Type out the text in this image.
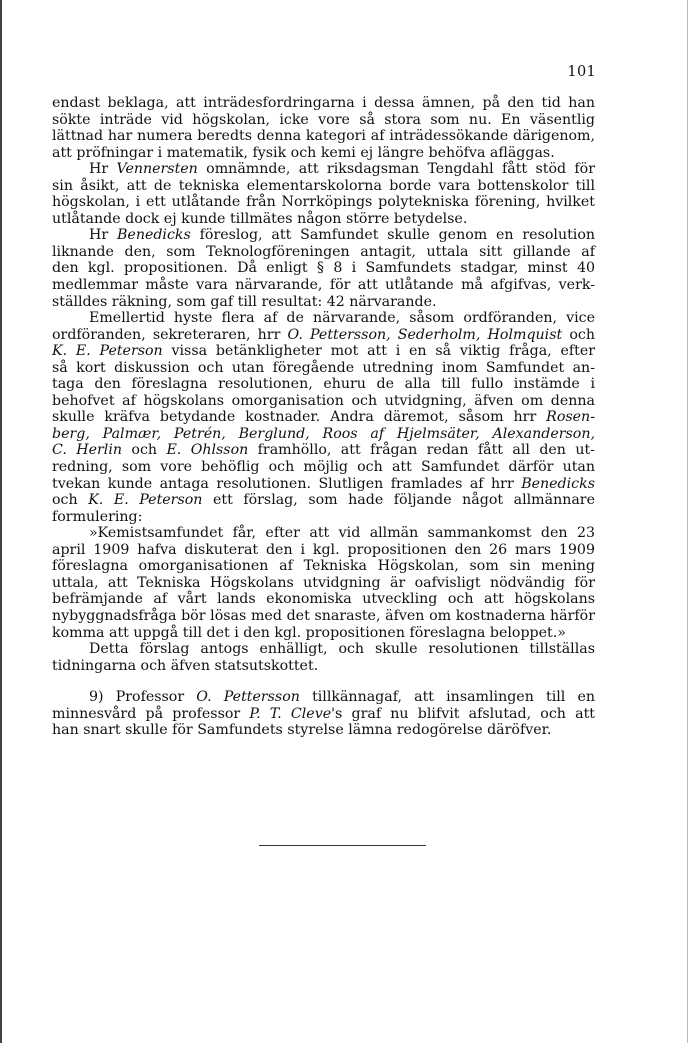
101
endast beklaga, att inträdesfordringarna i dessa ämnen, på den tid han
sökte inträde vid högskolan, icke vore så stora som nu. En väsentlig
lättnad har numera beredts denna kategori af inträdessökande därigenom,
att pröfningar i matematik, fysik och kemi ej längre behöfva afläggas.
Hr Vennersten omnämnde, att riksdagsman Tengdahl fått stöd för
sin åsikt, att de tekniska elementarskolorna borde vara bottenskolor till
högskolan, i ett utlåtande från Norrköpings polytekniska förening, hvilket
utlåtande dock ej kunde tillmätes någon större betydelse.
Hr Benedicks föreslog, att Samfundet skulle genom en resolution
liknande den, som Teknologföreningen antagit, uttala sitt gillande af
den kgl. propositionen. Då enligt § 8 i Samfundets stadgar, minst 40
medlemmar måste vara närvarande, för att utlåtande må afgifvas, verk-
ställdes räkning, som gaf till resultat: 42 närvarande.
Emellertid hyste flera af de närvarande, såsom ordföranden, vice
ordföranden, sekreteraren, hrr O. Pettersson, Sederholm, Holmquist och
K. E. Peterson vissa betänkligheter mot att i en så viktig fråga, efter
så kort diskussion och utan föregående utredning inom Samfundet an-
taga den föreslagna resolutionen, ehuru de alla till fullo instämde i
behofvet af högskolans omorganisation och utvidgning, äfven om denna
skulle kräfva betydande kostnader. Andra däremot, såsom hrr Rosen-
berg, Palmær, Petrén, Berglund, Roos af Hjelmsäter, Alexanderson,
C. Herlin och E. Ohlsson framhöllo, att frågan redan fått all den ut-
redning, som vore behöflig och möjlig och att Samfundet därför utan
tvekan kunde antaga resolutionen. Slutligen framlades af hrr Benedicks
och K. E. Peterson ett förslag, som hade följande något allmännare
formulering:
»Kemistsamfundet får, efter att vid allmän sammankomst den 23
april 1909 hafva diskuterat den i kgl. propositionen den 26 mars 1909
föreslagna omorganisationen af Tekniska Högskolan, som sin mening
uttala, att Tekniska Högskolans utvidgning är oafvisligt nödvändig för
befrämjande af vårt lands ekonomiska utveckling och att högskolans
nybyggnadsfråga bör lösas med det snaraste, äfven om kostnaderna härför
komma att uppgå till det i den kgl. propositionen föreslagna beloppet.»
Detta förslag antogs enhälligt, och skulle resolutionen tillställas
tidningarna och äfven statsutskottet.
9) Professor O. Pettersson tillkännagaf, att insamlingen till en
minnesvård på professor P. T. Cleve's graf nu blifvit afslutad, och att
han snart skulle för Samfundets styrelse lämna redogörelse däröfver.
